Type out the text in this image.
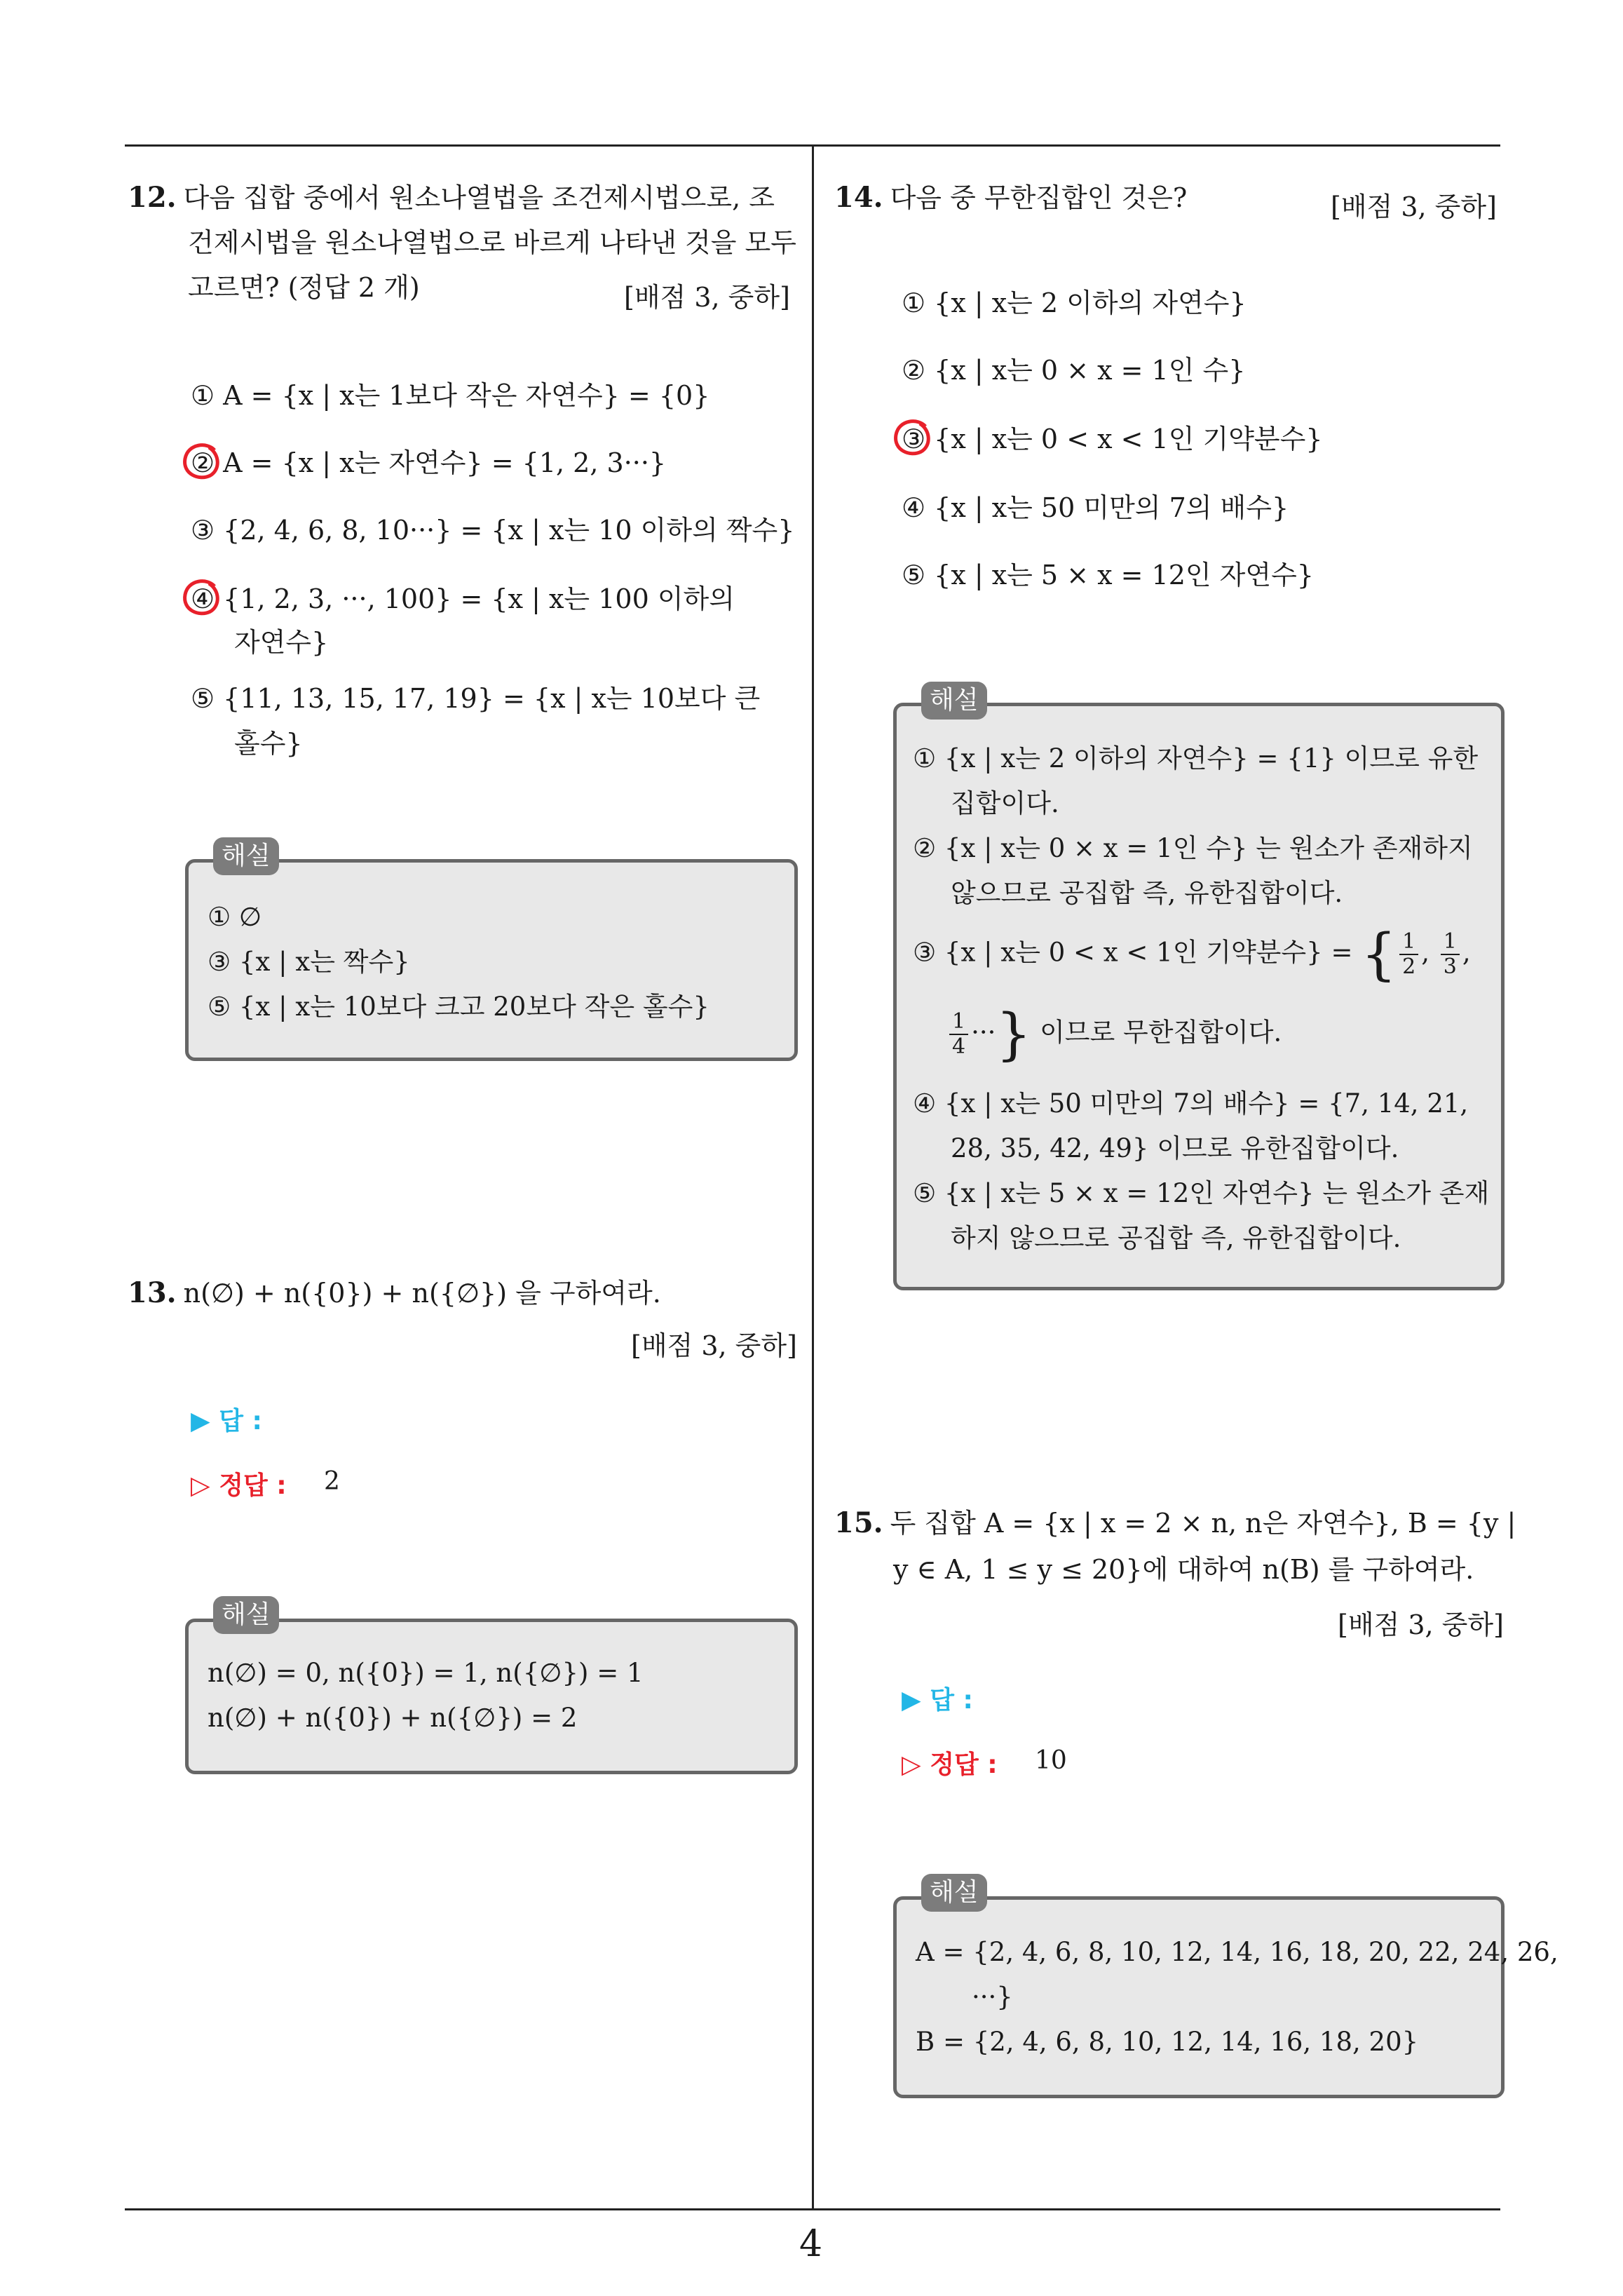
12. 다음 집합 중에서 원소나열법을 조건제시법으로, 조
건제시법을 원소나열법으로 바르게 나타낸 것을 모두
고르면? (정답 2 개)	[배점 3, 중하]
① A = {x | x는 1보다 작은 자연수} = {0}
② A = {x | x는 자연수} = {1, 2, 3···}
③ {2, 4, 6, 8, 10···} = {x | x는 10 이하의 짝수}
④ {1, 2, 3, ···, 100} = {x | x는 100 이하의
자연수}
⑤ {11, 13, 15, 17, 19} = {x | x는 10보다 큰
홀수}
해설
① ∅
③ {x | x는 짝수}
⑤ {x | x는 10보다 크고 20보다 작은 홀수}
13. n(∅) + n({0}) + n({∅}) 을 구하여라.
[배점 3, 중하]
▶ 답 :
▷ 정답 : 2
해설
n(∅) = 0, n({0}) = 1, n({∅}) = 1
n(∅) + n({0}) + n({∅}) = 2
14. 다음 중 무한집합인 것은?	[배점 3, 중하]
① {x | x는 2 이하의 자연수}
② {x | x는 0 × x = 1인 수}
③ {x | x는 0 < x < 1인 기약분수}
④ {x | x는 50 미만의 7의 배수}
⑤ {x | x는 5 × x = 12인 자연수}
해설
① {x | x는 2 이하의 자연수} = {1} 이므로 유한
집합이다.
② {x | x는 0 × x = 1인 수} 는 원소가 존재하지
않으므로 공집합 즉, 유한집합이다.
③ {x | x는 0 < x < 1인 기약분수} = { $\frac{1}{2}$ , $\frac{1}{3}$ ,
$\frac{1}{4}$ ···} 이므로 무한집합이다.
④ {x | x는 50 미만의 7의 배수} = {7, 14, 21,
28, 35, 42, 49} 이므로 유한집합이다.
⑤ {x | x는 5 × x = 12인 자연수} 는 원소가 존재
하지 않으므로 공집합 즉, 유한집합이다.
15. 두 집합 A = {x | x = 2 × n, n은 자연수}, B = {y |
y ∈ A, 1 ≤ y ≤ 20}에 대하여 n(B) 를 구하여라.
[배점 3, 중하]
▶ 답 :
▷ 정답 : 10
해설
A = {2, 4, 6, 8, 10, 12, 14, 16, 18, 20, 22, 24, 26,
···}
B = {2, 4, 6, 8, 10, 12, 14, 16, 18, 20}
4
